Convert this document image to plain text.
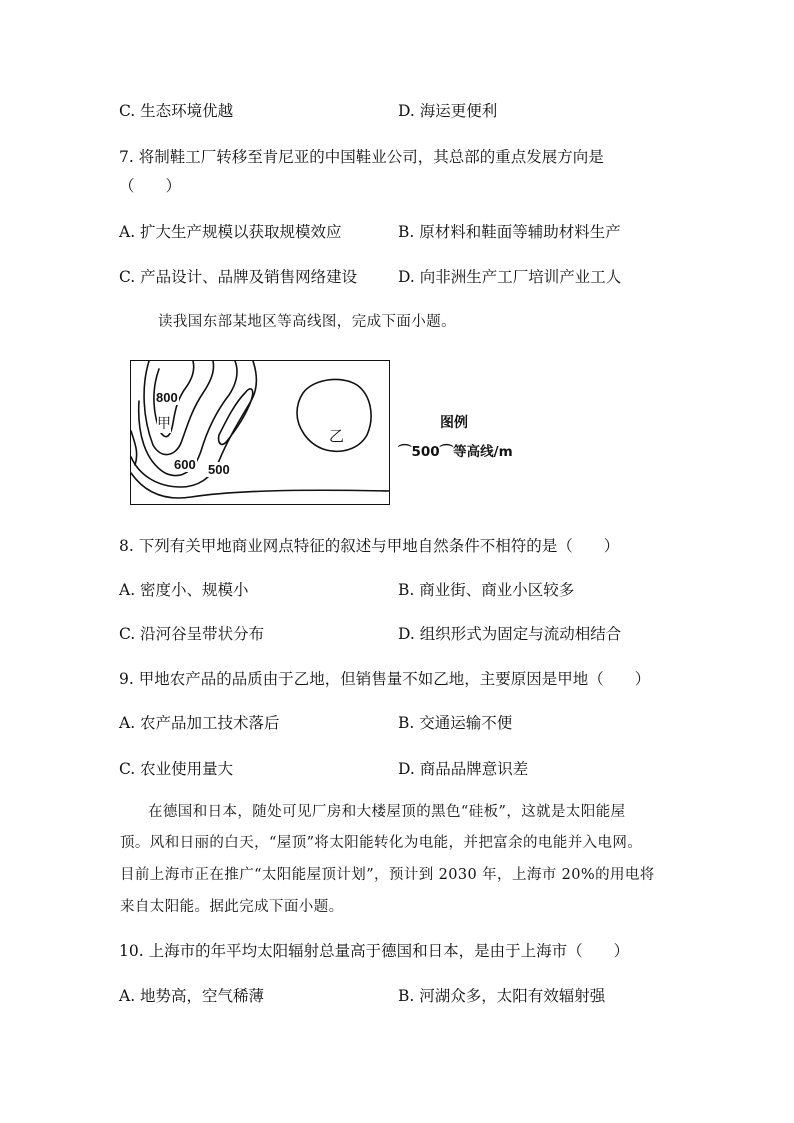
C. 生态环境优越	D. 海运更便利
7. 将制鞋工厂转移至肯尼亚的中国鞋业公司，其总部的重点发展方向是
（　　）
A. 扩大生产规模以获取规模效应	B. 原材料和鞋面等辅助材料生产
C. 产品设计、品牌及销售网络建设	D. 向非洲生产工厂培训产业工人
读我国东部某地区等高线图，完成下面小题。
800
甲
600 500
乙
图例
⌒500⌒等高线/m
8. 下列有关甲地商业网点特征的叙述与甲地自然条件不相符的是（　　）
A. 密度小、规模小	B. 商业街、商业小区较多
C. 沿河谷呈带状分布	D. 组织形式为固定与流动相结合
9. 甲地农产品的品质由于乙地，但销售量不如乙地，主要原因是甲地（　　）
A. 农产品加工技术落后	B. 交通运输不便
C. 农业使用量大	D. 商品品牌意识差
在德国和日本，随处可见厂房和大楼屋顶的黑色“硅板”，这就是太阳能屋
顶。风和日丽的白天，“屋顶”将太阳能转化为电能，并把富余的电能并入电网。
目前上海市正在推广“太阳能屋顶计划”，预计到 2030 年，上海市 20%的用电将
来自太阳能。据此完成下面小题。
10. 上海市的年平均太阳辐射总量高于德国和日本，是由于上海市（　　）
A. 地势高，空气稀薄	B. 河湖众多，太阳有效辐射强
